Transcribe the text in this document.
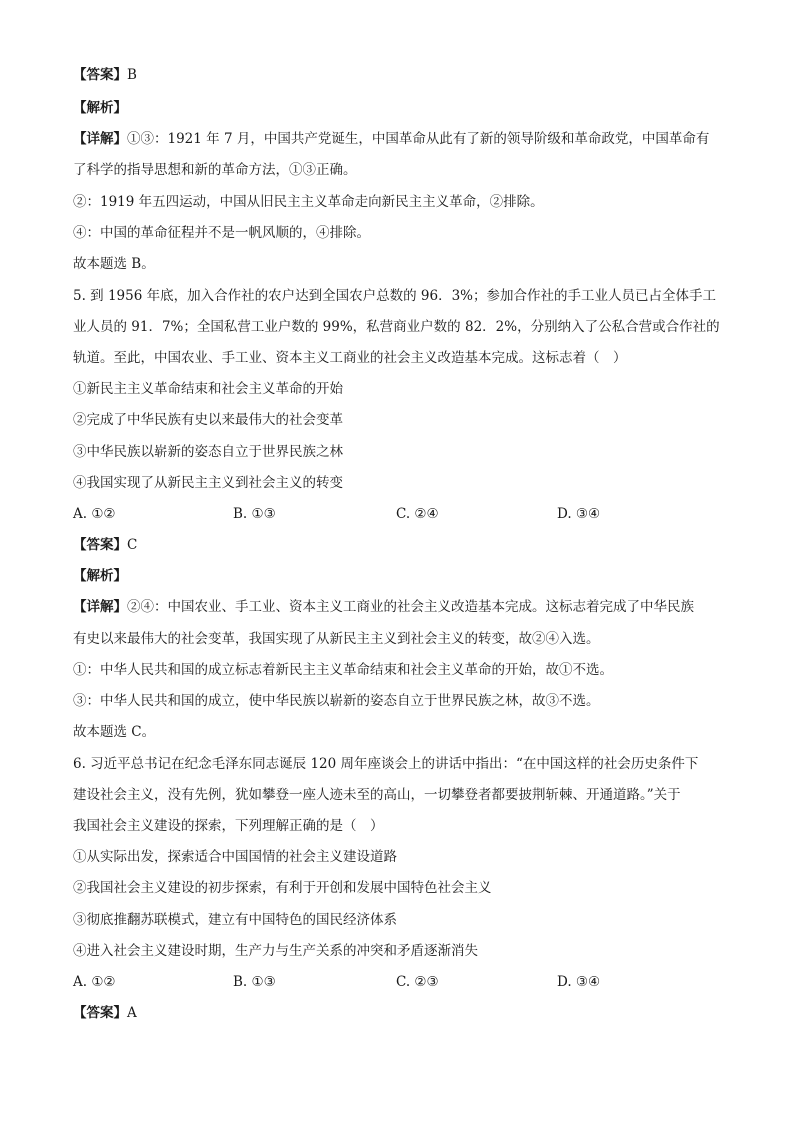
【答案】B
【解析】
【详解】①③：1921 年 7 月，中国共产党诞生，中国革命从此有了新的领导阶级和革命政党，中国革命有
了科学的指导思想和新的革命方法，①③正确。
②：1919 年五四运动，中国从旧民主主义革命走向新民主主义革命，②排除。
④：中国的革命征程并不是一帆风顺的，④排除。
故本题选 B。
5. 到 1956 年底，加入合作社的农户达到全国农户总数的 96．3%；参加合作社的手工业人员已占全体手工
业人员的 91．7%；全国私营工业户数的 99%，私营商业户数的 82．2%，分别纳入了公私合营或合作社的
轨道。至此，中国农业、手工业、资本主义工商业的社会主义改造基本完成。这标志着（　）
①新民主主义革命结束和社会主义革命的开始
②完成了中华民族有史以来最伟大的社会变革
③中华民族以崭新的姿态自立于世界民族之林
④我国实现了从新民主主义到社会主义的转变
A. ①②	B. ①③	C. ②④	D. ③④
【答案】C
【解析】
【详解】②④：中国农业、手工业、资本主义工商业的社会主义改造基本完成。这标志着完成了中华民族
有史以来最伟大的社会变革，我国实现了从新民主主义到社会主义的转变，故②④入选。
①：中华人民共和国的成立标志着新民主主义革命结束和社会主义革命的开始，故①不选。
③：中华人民共和国的成立，使中华民族以崭新的姿态自立于世界民族之林，故③不选。
故本题选 C。
6. 习近平总书记在纪念毛泽东同志诞辰 120 周年座谈会上的讲话中指出：“在中国这样的社会历史条件下
建设社会主义，没有先例，犹如攀登一座人迹未至的高山，一切攀登者都要披荆斩棘、开通道路。”关于
我国社会主义建设的探索，下列理解正确的是（　）
①从实际出发，探索适合中国国情的社会主义建设道路
②我国社会主义建设的初步探索，有利于开创和发展中国特色社会主义
③彻底推翻苏联模式，建立有中国特色的国民经济体系
④进入社会主义建设时期，生产力与生产关系的冲突和矛盾逐渐消失
A. ①②	B. ①③	C. ②③	D. ③④
【答案】A
